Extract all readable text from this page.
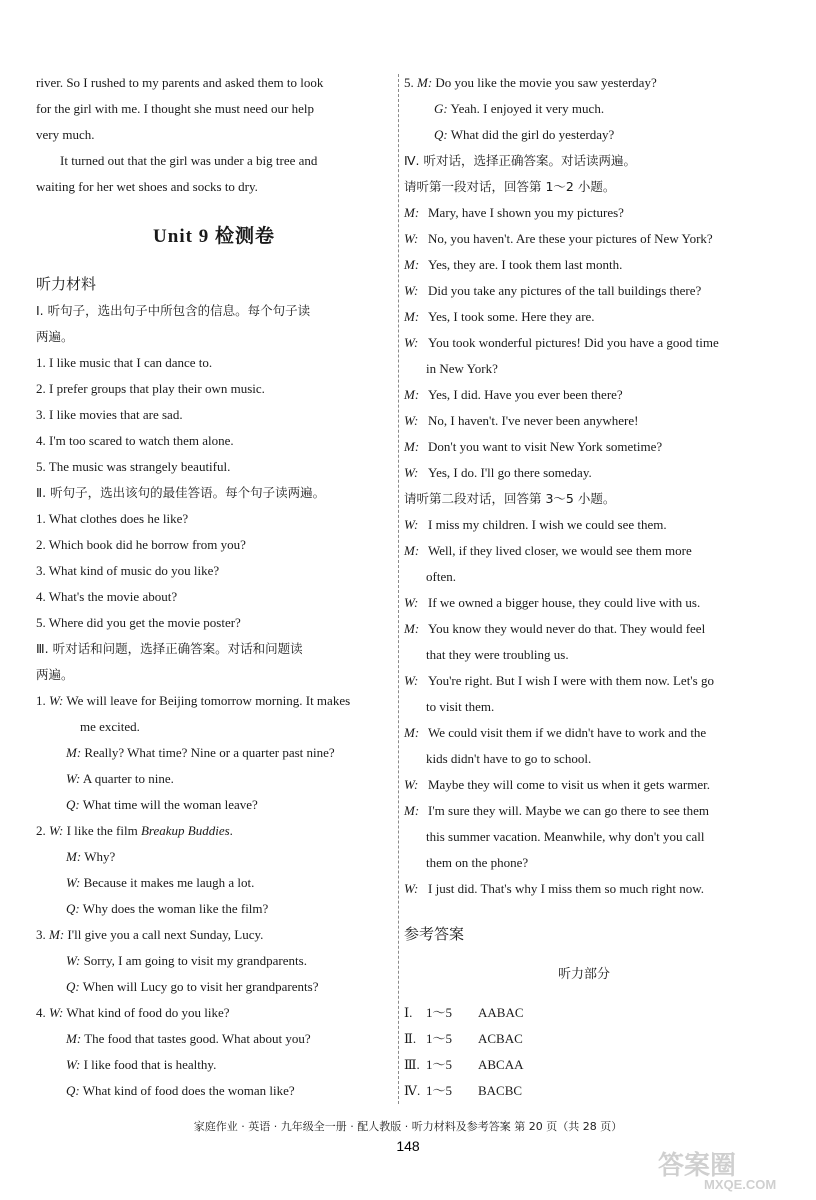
river. So I rushed to my parents and asked them to look
for the girl with me. I thought she must need our help
very much.
It turned out that the girl was under a big tree and
waiting for her wet shoes and socks to dry.
Unit 9 检测卷
听力材料
Ⅰ. 听句子，选出句子中所包含的信息。每个句子读
两遍。
1. I like music that I can dance to.
2. I prefer groups that play their own music.
3. I like movies that are sad.
4. I'm too scared to watch them alone.
5. The music was strangely beautiful.
Ⅱ. 听句子，选出该句的最佳答语。每个句子读两遍。
1. What clothes does he like?
2. Which book did he borrow from you?
3. What kind of music do you like?
4. What's the movie about?
5. Where did you get the movie poster?
Ⅲ. 听对话和问题，选择正确答案。对话和问题读
两遍。
1. W: We will leave for Beijing tomorrow morning. It makes
me excited.
M: Really? What time? Nine or a quarter past nine?
W: A quarter to nine.
Q: What time will the woman leave?
2. W: I like the film Breakup Buddies.
M: Why?
W: Because it makes me laugh a lot.
Q: Why does the woman like the film?
3. M: I'll give you a call next Sunday, Lucy.
W: Sorry, I am going to visit my grandparents.
Q: When will Lucy go to visit her grandparents?
4. W: What kind of food do you like?
M: The food that tastes good. What about you?
W: I like food that is healthy.
Q: What kind of food does the woman like?
5. M: Do you like the movie you saw yesterday?
G: Yeah. I enjoyed it very much.
Q: What did the girl do yesterday?
Ⅳ. 听对话，选择正确答案。对话读两遍。
请听第一段对话，回答第 1～2 小题。
M: Mary, have I shown you my pictures?
W: No, you haven't. Are these your pictures of New York?
M: Yes, they are. I took them last month.
W: Did you take any pictures of the tall buildings there?
M: Yes, I took some. Here they are.
W: You took wonderful pictures! Did you have a good time
in New York?
M: Yes, I did. Have you ever been there?
W: No, I haven't. I've never been anywhere!
M: Don't you want to visit New York sometime?
W: Yes, I do. I'll go there someday.
请听第二段对话，回答第 3～5 小题。
W: I miss my children. I wish we could see them.
M: Well, if they lived closer, we would see them more
often.
W: If we owned a bigger house, they could live with us.
M: You know they would never do that. They would feel
that they were troubling us.
W: You're right. But I wish I were with them now. Let's go
to visit them.
M: We could visit them if we didn't have to work and the
kids didn't have to go to school.
W: Maybe they will come to visit us when it gets warmer.
M: I'm sure they will. Maybe we can go there to see them
this summer vacation. Meanwhile, why don't you call
them on the phone?
W: I just did. That's why I miss them so much right now.
参考答案
听力部分
Ⅰ. 1～5 AABAC
Ⅱ. 1～5 ACBAC
Ⅲ. 1～5 ABCAA
Ⅳ. 1～5 BACBC
家庭作业 · 英语 · 九年级全一册 · 配人教版 · 听力材料及参考答案 第 20 页（共 28 页）
148
答案圈
MXQE.COM
